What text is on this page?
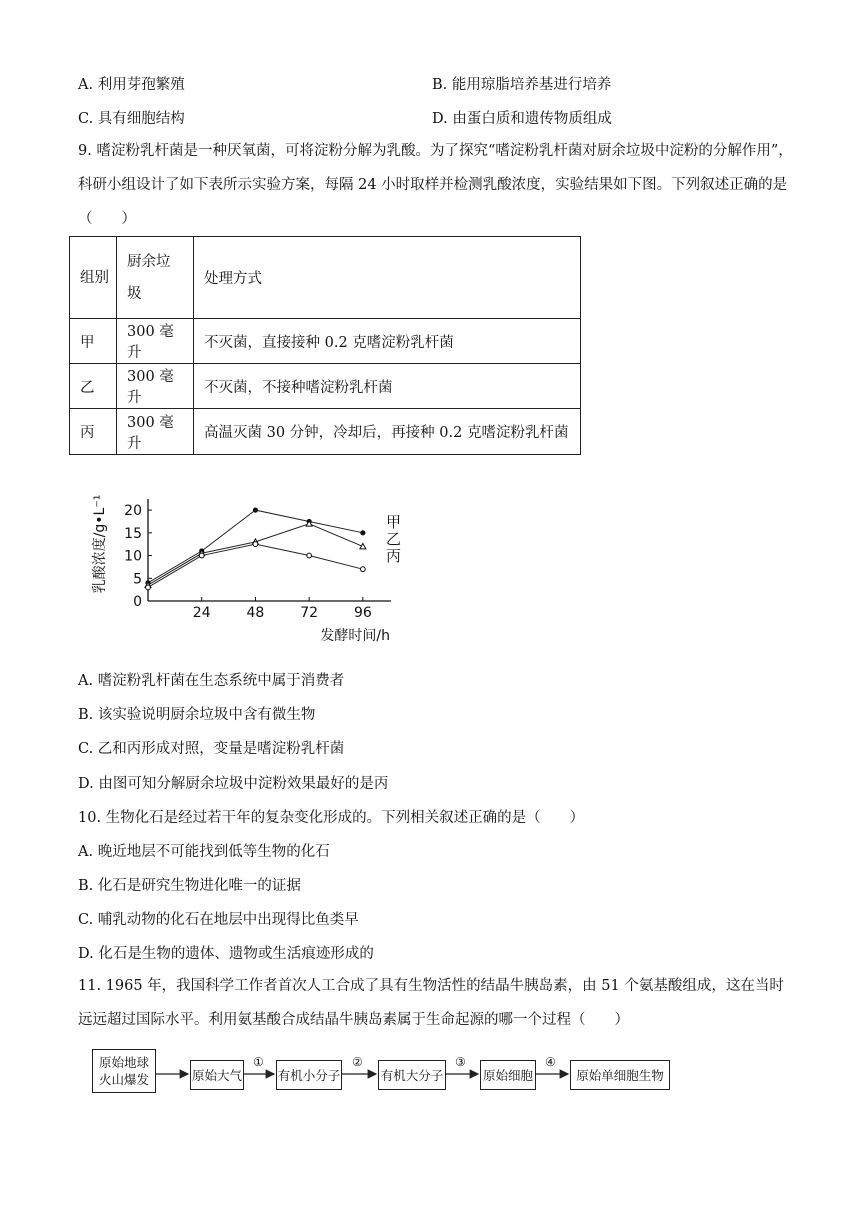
A. 利用芽孢繁殖	B. 能用琼脂培养基进行培养
C. 具有细胞结构	D. 由蛋白质和遗传物质组成
9. 嗜淀粉乳杆菌是一种厌氧菌，可将淀粉分解为乳酸。为了探究“嗜淀粉乳杆菌对厨余垃圾中淀粉的分解作用”，科研小组设计了如下表所示实验方案，每隔 24 小时取样并检测乳酸浓度，实验结果如下图。下列叙述正确的是（　　）
组别	厨余垃圾	处理方式
甲	300 毫升	不灭菌，直接接种 0.2 克嗜淀粉乳杆菌
乙	300 毫升	不灭菌，不接种嗜淀粉乳杆菌
丙	300 毫升	高温灭菌 30 分钟，冷却后，再接种 0.2 克嗜淀粉乳杆菌
乳酸浓度/g•L⁻¹
0
5
10
15
20
24	48	72	96
甲
乙
丙
发酵时间/h
A. 嗜淀粉乳杆菌在生态系统中属于消费者
B. 该实验说明厨余垃圾中含有微生物
C. 乙和丙形成对照，变量是嗜淀粉乳杆菌
D. 由图可知分解厨余垃圾中淀粉效果最好的是丙
10. 生物化石是经过若干年的复杂变化形成的。下列相关叙述正确的是（　　）
A. 晚近地层不可能找到低等生物的化石
B. 化石是研究生物进化唯一的证据
C. 哺乳动物的化石在地层中出现得比鱼类早
D. 化石是生物的遗体、遗物或生活痕迹形成的
11. 1965 年，我国科学工作者首次人工合成了具有生物活性的结晶牛胰岛素，由 51 个氨基酸组成，这在当时远远超过国际水平。利用氨基酸合成结晶牛胰岛素属于生命起源的哪一个过程（　　）
原始地球火山爆发	原始大气	有机小分子	有机大分子	原始细胞	原始单细胞生物
①	②	③	④
